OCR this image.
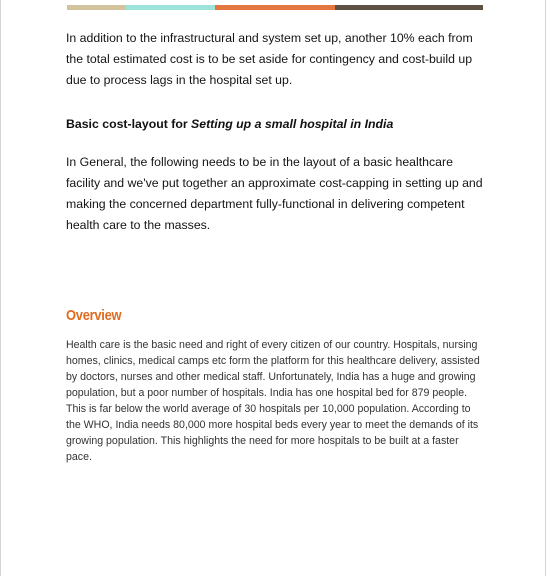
In addition to the infrastructural and system set up, another 10% each from the total estimated cost is to be set aside for contingency and cost-build up due to process lags in the hospital set up.

Basic cost-layout for Setting up a small hospital in India

In General, the following needs to be in the layout of a basic healthcare facility and we've put together an approximate cost-capping in setting up and making the concerned department fully-functional in delivering competent health care to the masses.

Overview

Health care is the basic need and right of every citizen of our country. Hospitals, nursing homes, clinics, medical camps etc form the platform for this healthcare delivery, assisted by doctors, nurses and other medical staff. Unfortunately, India has a huge and growing population, but a poor number of hospitals. India has one hospital bed for 879 people. This is far below the world average of 30 hospitals per 10,000 population. According to the WHO, India needs 80,000 more hospital beds every year to meet the demands of its growing population. This highlights the need for more hospitals to be built at a faster pace.
